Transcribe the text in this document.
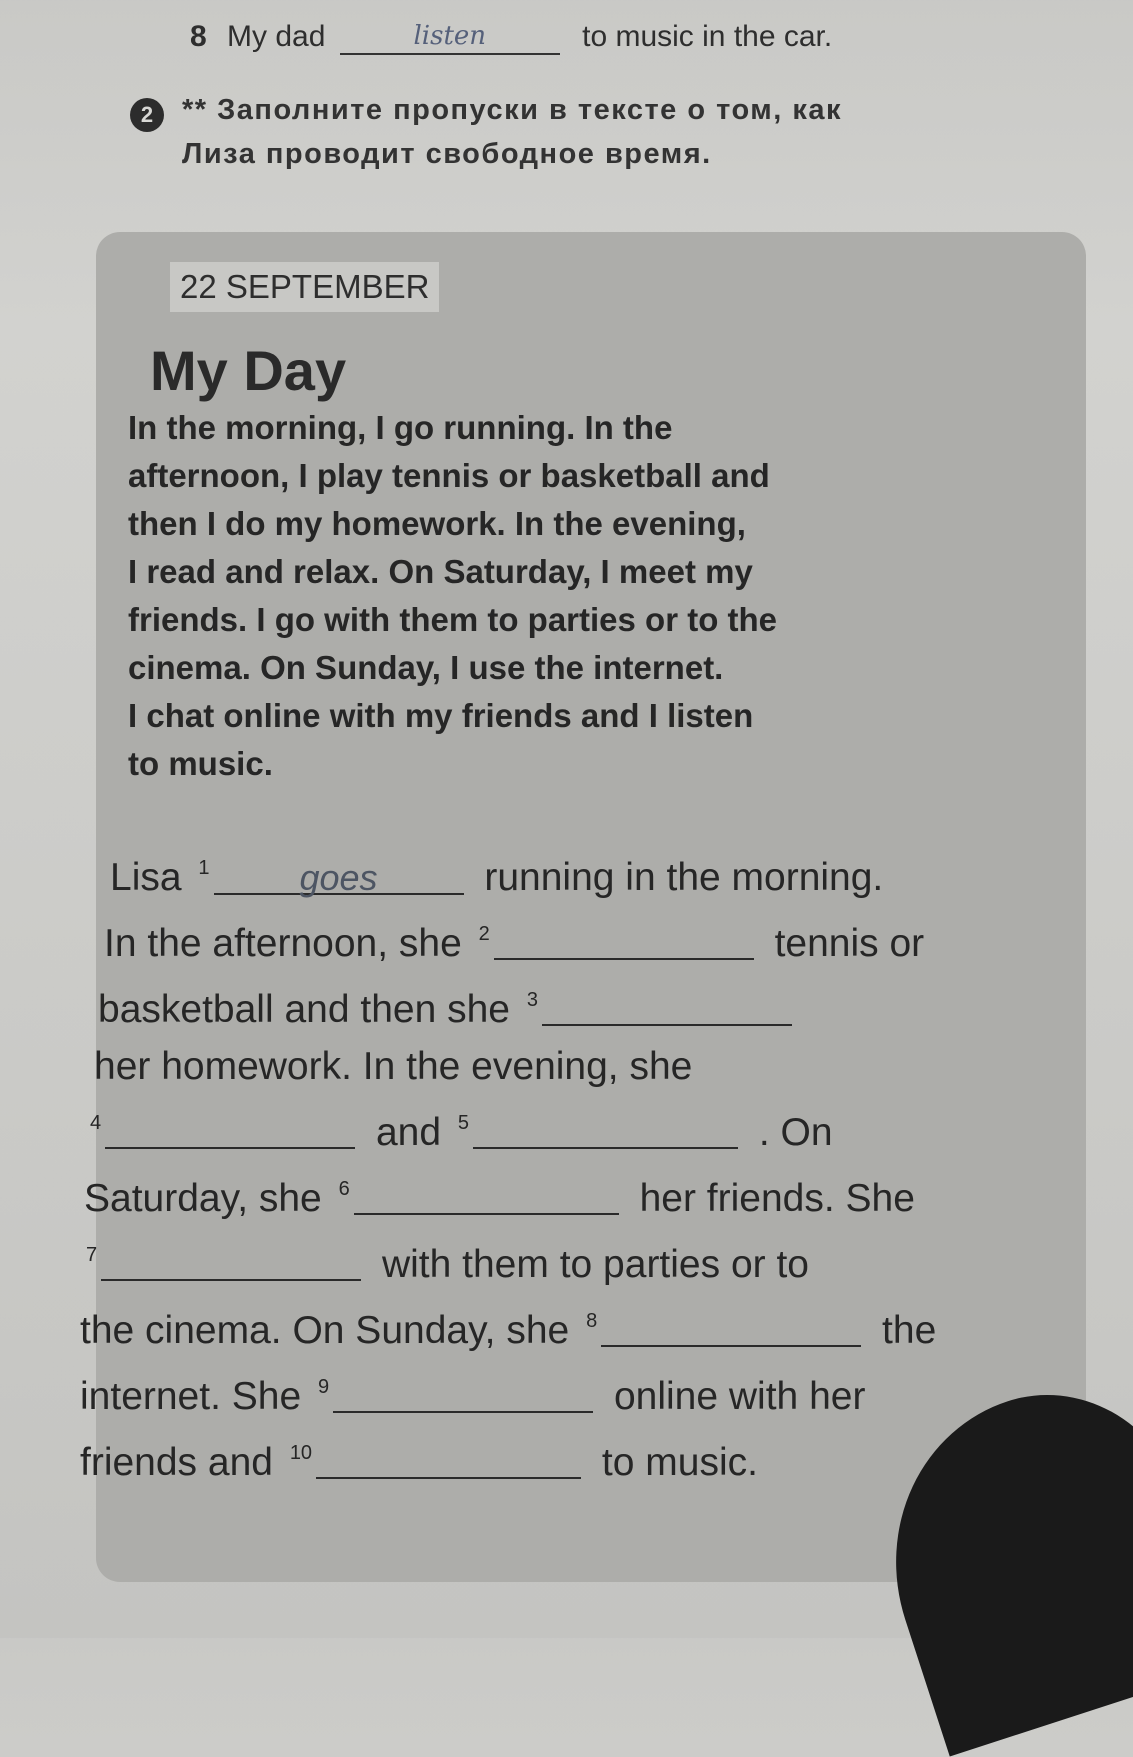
8 My dad	listen	to music in the car.
2 ** Заполните пропуски в тексте о том, как
Лиза проводит свободное время.
22 SEPTEMBER
My Day
In the morning, I go running. In the
afternoon, I play tennis or basketball and
then I do my homework. In the evening,
I read and relax. On Saturday, I meet my
friends. I go with them to parties or to the
cinema. On Sunday, I use the internet.
I chat online with my friends and I listen
to music.
Lisa $^1$ goes	running in the morning.
In the afternoon, she $^2$	tennis or
basketball and then she $^3$
her homework. In the evening, she
$^4$	and $^5$	. On
Saturday, she $^6$	her friends. She
$^7$	with them to parties or to
the cinema. On Sunday, she $^8$	the
internet. She $^9$	online with her
friends and $^{10}$	to music.
